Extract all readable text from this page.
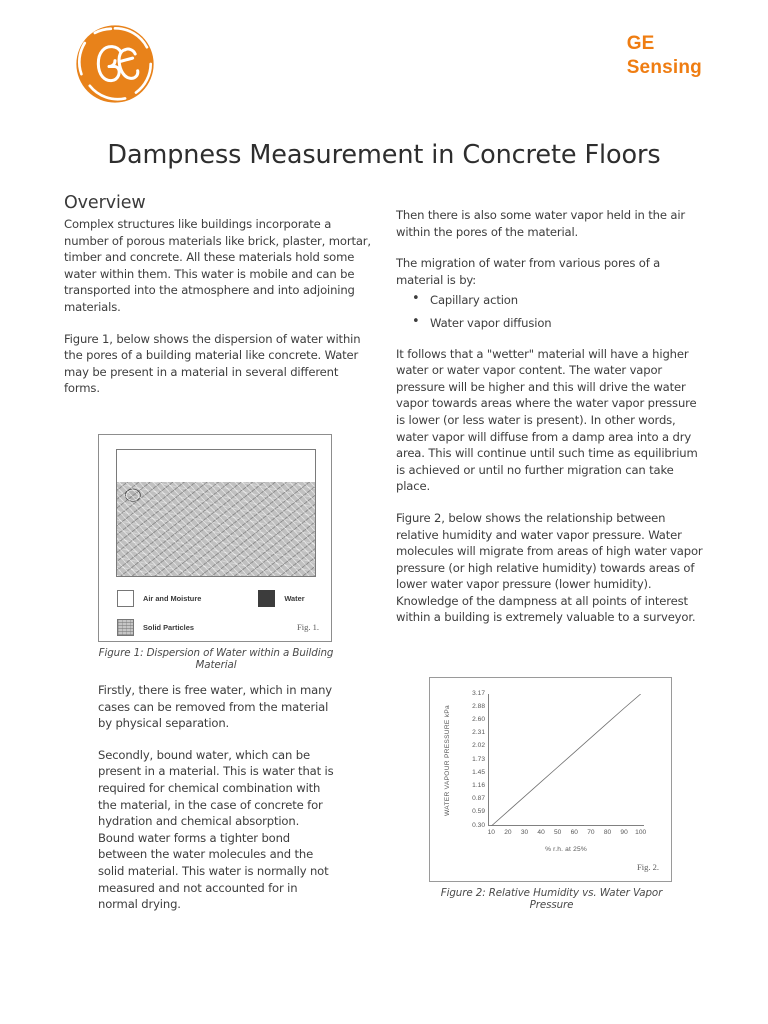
GE
Sensing
Dampness Measurement in Concrete Floors
Overview

Complex structures like buildings incorporate a number of porous materials like brick, plaster, mortar, timber and concrete. All these materials hold some water within them. This water is mobile and can be transported into the atmosphere and into adjoining materials.

Figure 1, below shows the dispersion of water within the pores of a building material like concrete. Water may be present in a material in several different forms.

Air and Moisture	Water
Solid Particles	Fig. 1.
Figure 1: Dispersion of Water within a Building Material

Firstly, there is free water, which in many cases can be removed from the material by physical separation.

Secondly, bound water, which can be present in a material. This is water that is required for chemical combination with the material, in the case of concrete for hydration and chemical absorption. Bound water forms a tighter bond between the water molecules and the solid material. This water is normally not measured and not accounted for in normal drying.

Then there is also some water vapor held in the air within the pores of the material.

The migration of water from various pores of a material is by:

• Capillary action
• Water vapor diffusion

It follows that a "wetter" material will have a higher water or water vapor content. The water vapor pressure will be higher and this will drive the water vapor towards areas where the water vapor pressure is lower (or less water is present). In other words, water vapor will diffuse from a damp area into a dry area. This will continue until such time as equilibrium is achieved or until no further migration can take place.

Figure 2, below shows the relationship between relative humidity and water vapor pressure. Water molecules will migrate from areas of high water vapor pressure (or high relative humidity) towards areas of lower water vapor pressure (lower humidity). Knowledge of the dampness at all points of interest within a building is extremely valuable to a surveyor.

WATER VAPOUR PRESSURE kPa
3.17
2.88
2.60
2.31
2.02
1.73
1.45
1.16
0.87
0.59
0.30
10 20 30 40 50 60 70 80 90 100
% r.h. at 25%
Fig. 2.
Figure 2: Relative Humidity vs. Water Vapor Pressure
